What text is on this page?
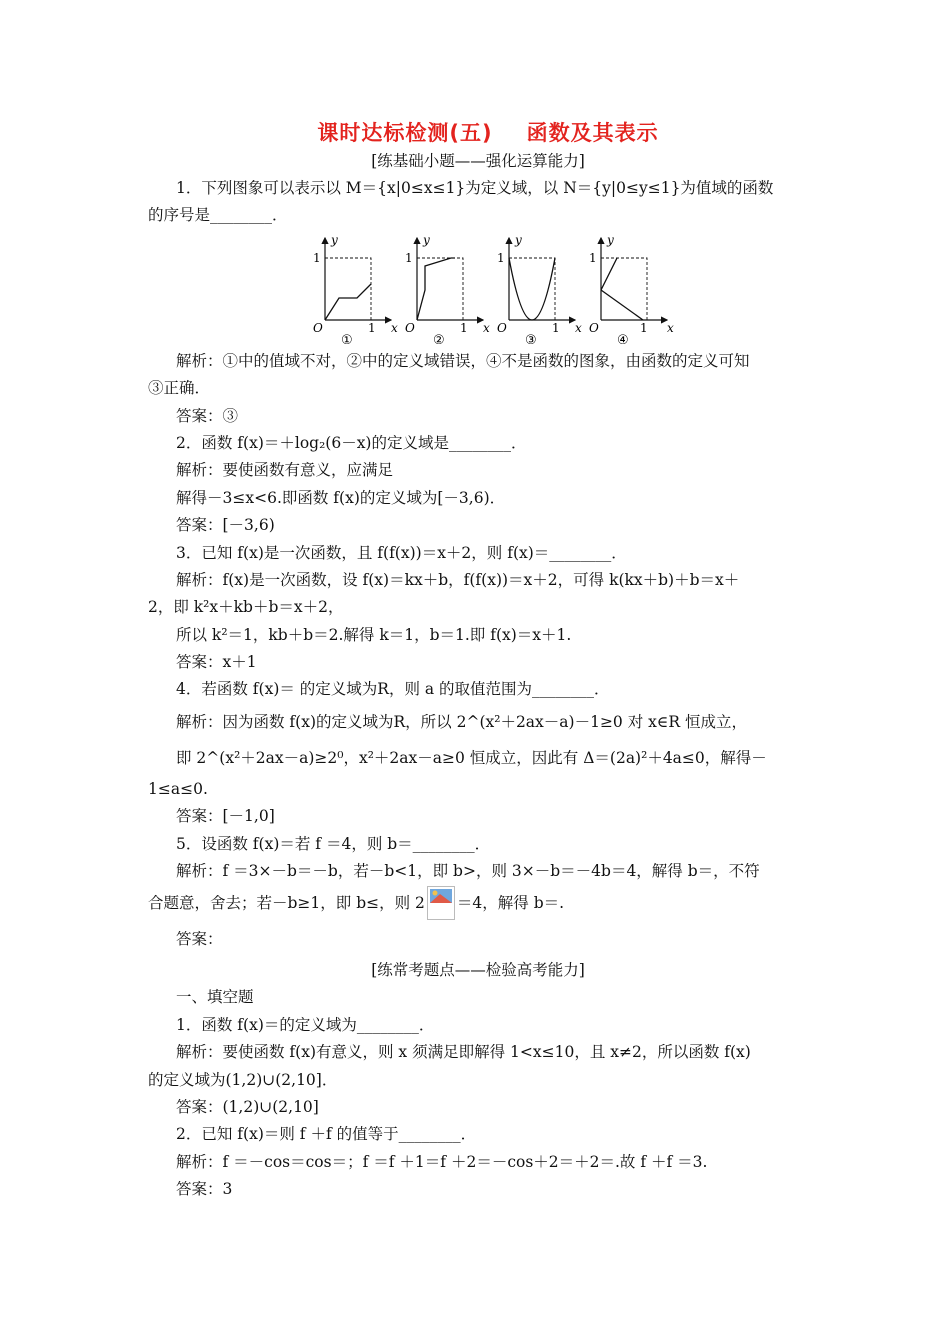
课时达标检测(五) 函数及其表示
[练基础小题——强化运算能力]
1．下列图象可以表示以 M＝{x|0≤x≤1}为定义域，以 N＝{y|0≤y≤1}为值域的函数
的序号是________．
y
x
O
1
1
①
y
x
O
1
1
②
y
x
O
1
1
③
y
x
O
1
1
④
解析：①中的值域不对，②中的定义域错误，④不是函数的图象，由函数的定义可知
③正确．
答案：③
2．函数 f(x)＝＋log₂(6－x)的定义域是________．
解析：要使函数有意义，应满足
解得－3≤x<6.即函数 f(x)的定义域为[－3,6)．
答案：[－3,6)
3．已知 f(x)是一次函数，且 f(f(x))＝x＋2，则 f(x)＝________．
解析：f(x)是一次函数，设 f(x)＝kx＋b，f(f(x))＝x＋2，可得 k(kx＋b)＋b＝x＋
2，即 k²x＋kb＋b＝x＋2，
所以 k²＝1，kb＋b＝2.解得 k＝1，b＝1.即 f(x)＝x＋1.
答案：x＋1
4．若函数 f(x)＝ 的定义域为R，则 a 的取值范围为________．
解析：因为函数 f(x)的定义域为R，所以 2^(x²＋2ax－a)－1≥0 对 x∈R 恒成立，
即 2^(x²＋2ax－a)≥2⁰，x²＋2ax－a≥0 恒成立，因此有 Δ＝(2a)²＋4a≤0，解得－
1≤a≤0.
答案：[－1,0]
5．设函数 f(x)＝若 f ＝4，则 b＝________．
解析：f ＝3×－b＝－b，若－b<1，即 b>，则 3×－b＝－4b＝4，解得 b＝，不符
合题意，舍去；若－b≥1，即 b≤，则 2 ＝4，解得 b＝.
答案：
[练常考题点——检验高考能力]
一、填空题
1．函数 f(x)＝的定义域为________．
解析：要使函数 f(x)有意义，则 x 须满足即解得 1<x≤10，且 x≠2，所以函数 f(x)
的定义域为(1,2)∪(2,10]．
答案：(1,2)∪(2,10]
2．已知 f(x)＝则 f ＋f 的值等于________．
解析：f ＝－cos＝cos＝；f ＝f ＋1＝f ＋2＝－cos＋2＝＋2＝.故 f ＋f ＝3.
答案：3
